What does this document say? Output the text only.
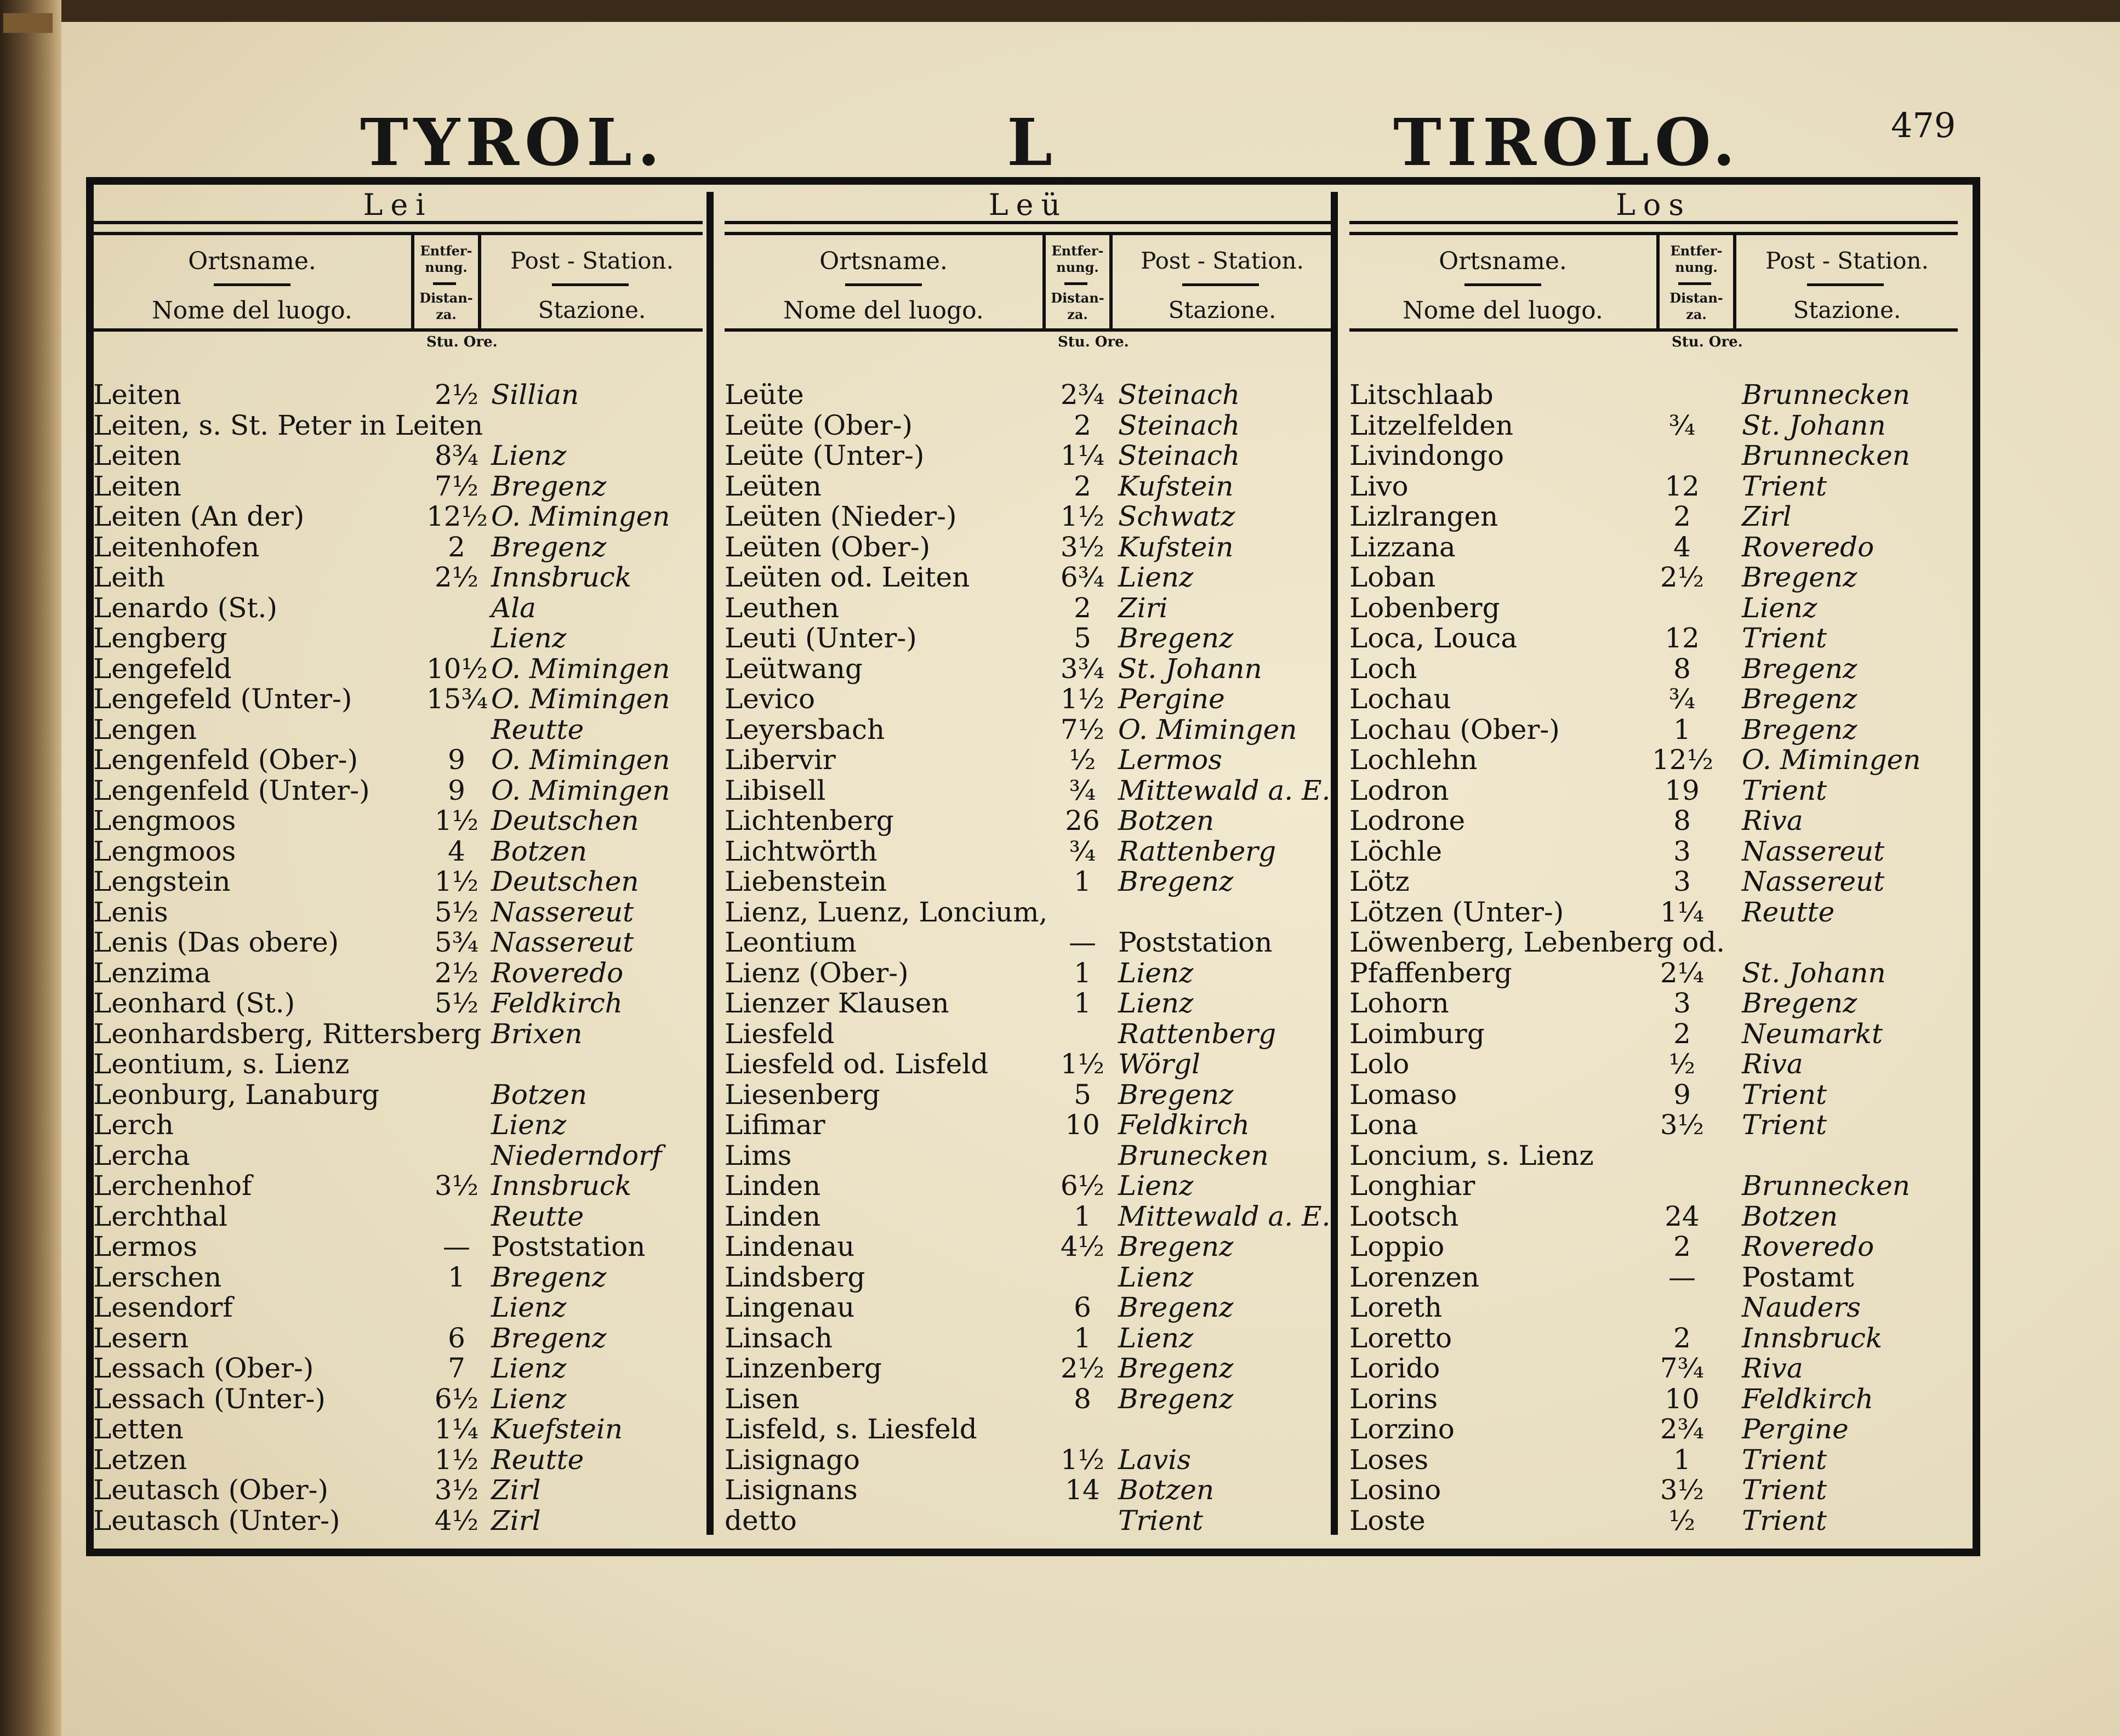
TYROL.	L	TIROLO.	479
Lei
Ortsname.
Nome del luogo.
Entfer- nung.
Distan- za.
Post - Station.
Stazione.
Stu. Ore.
Leiten	2½ Sillian
Leiten, s. St. Peter in Leiten
Leiten	8¾ Lienz
Leiten	7½ Bregenz
Leiten (An der)	12½ O. Mimingen
Leitenhofen	2 Bregenz
Leith	2½ Innsbruck
Lenardo (St.)	Ala
Lengberg	Lienz
Lengefeld	10½ O. Mimingen
Lengefeld (Unter-)	15¾ O. Mimingen
Lengen	Reutte
Lengenfeld (Ober-)	9 O. Mimingen
Lengenfeld (Unter-)	9 O. Mimingen
Lengmoos	1½ Deutschen
Lengmoos	4 Botzen
Lengstein	1½ Deutschen
Lenis	5½ Nassereut
Lenis (Das obere)	5¾ Nassereut
Lenzima	2½ Roveredo
Leonhard (St.)	5½ Feldkirch
Leonhardsberg, Rittersberg Brixen
Leontium, s. Lienz
Leonburg, Lanaburg	Botzen
Lerch	Lienz
Lercha	Niederndorf
Lerchenhof	3½ Innsbruck
Lerchthal	Reutte
Lermos	— Poststation
Lerschen	1 Bregenz
Lesendorf	Lienz
Lesern	6 Bregenz
Lessach (Ober-)	7 Lienz
Lessach (Unter-)	6½ Lienz
Letten	1¼ Kuefstein
Letzen	1½ Reutte
Leutasch (Ober-)	3½ Zirl
Leutasch (Unter-)	4½ Zirl
Leü
Ortsname.
Nome del luogo.
Entfer- nung.
Distan- za.
Post - Station.
Stazione.
Stu. Ore.
Leüte	2¾ Steinach
Leüte (Ober-)	2 Steinach
Leüte (Unter-)	1¼ Steinach
Leüten	2 Kufstein
Leüten (Nieder-)	1½ Schwatz
Leüten (Ober-)	3½ Kufstein
Leüten od. Leiten	6¾ Lienz
Leuthen	2 Ziri
Leuti (Unter-)	5 Bregenz
Leütwang	3¾ St. Johann
Levico	1½ Pergine
Leyersbach	7½ O. Mimingen
Libervir	½ Lermos
Libisell	¾ Mittewald a. E.
Lichtenberg	26 Botzen
Lichtwörth	¾ Rattenberg
Liebenstein	1 Bregenz
Lienz, Luenz, Loncium,
Leontium	— Poststation
Lienz (Ober-)	1 Lienz
Lienzer Klausen	1 Lienz
Liesfeld	Rattenberg
Liesfeld od. Lisfeld	1½ Wörgl
Liesenberg	5 Bregenz
Lifimar	10 Feldkirch
Lims	Brunecken
Linden	6½ Lienz
Linden	1 Mittewald a. E.
Lindenau	4½ Bregenz
Lindsberg	Lienz
Lingenau	6 Bregenz
Linsach	1 Lienz
Linzenberg	2½ Bregenz
Lisen	8 Bregenz
Lisfeld, s. Liesfeld
Lisignago	1½ Lavis
Lisignans	14 Botzen
detto	Trient
Los
Ortsname.
Nome del luogo.
Entfer- nung.
Distan- za.
Post - Station.
Stazione.
Stu. Ore.
Litschlaab	Brunnecken
Litzelfelden	¾	St. Johann
Livindongo	Brunnecken
Livo	12	Trient
Lizlrangen	2	Zirl
Lizzana	4	Roveredo
Loban	2½ Bregenz
Lobenberg	Lienz
Loca, Louca	12	Trient
Loch	8	Bregenz
Lochau	¾	Bregenz
Lochau (Ober-)	1	Bregenz
Lochlehn	12½ O. Mimingen
Lodron	19	Trient
Lodrone	8	Riva
Löchle	3	Nassereut
Lötz	3	Nassereut
Lötzen (Unter-)	1¼ Reutte
Löwenberg, Lebenberg od.
Pfaffenberg	2¼ St. Johann
Lohorn	3	Bregenz
Loimburg	2	Neumarkt
Lolo	½	Riva
Lomaso	9	Trient
Lona	3½ Trient
Loncium, s. Lienz
Longhiar	Brunnecken
Lootsch	24	Botzen
Loppio	2	Roveredo
Lorenzen	—	Postamt
Loreth	Nauders
Loretto	2	Innsbruck
Lorido	7¾ Riva
Lorins	10	Feldkirch
Lorzino	2¾ Pergine
Loses	1	Trient
Losino	3½ Trient
Loste	½	Trient
